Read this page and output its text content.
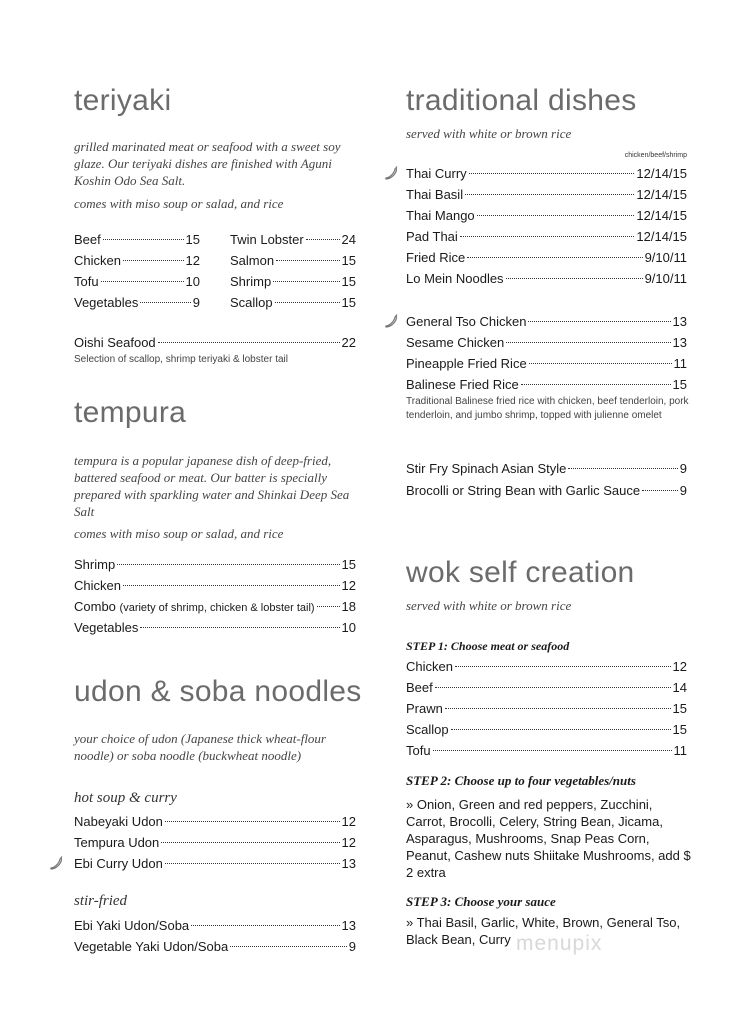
teriyaki

grilled marinated meat or seafood with a sweet soy glaze. Our teriyaki dishes are finished with Aguni Koshin Odo Sea Salt.

comes with miso soup or salad, and rice

Beef	15
Chicken	12
Tofu	10
Vegetables	9
Twin Lobster	24
Salmon	15
Shrimp	15
Scallop	15
Oishi Seafood	22

Selection of scallop, shrimp teriyaki & lobster tail

tempura

tempura is a popular japanese dish of deep-fried, battered seafood or meat. Our batter is specially prepared with sparkling water and Shinkai Deep Sea Salt

comes with miso soup or salad, and rice

Shrimp	15
Chicken	12
Combo (variety of shrimp, chicken & lobster tail) 18
Vegetables	10
udon & soba noodles

your choice of udon (Japanese thick wheat-flour noodle) or soba noodle (buckwheat noodle)

hot soup & curry

Nabeyaki Udon	12
Tempura Udon	12
Ebi Curry Udon	13

stir-fried

Ebi Yaki Udon/Soba	13
Vegetable Yaki Udon/Soba	9
traditional dishes

served with white or brown rice

chicken/beef/shrimp
Thai Curry	12/14/15
Thai Basil	12/14/15
Thai Mango	12/14/15
Pad Thai	12/14/15
Fried Rice	9/10/11
Lo Mein Noodles	9/10/11
General Tso Chicken	13
Sesame Chicken	13
Pineapple Fried Rice	11
Balinese Fried Rice	15

Traditional Balinese fried rice with chicken, beef tenderloin, pork tenderloin, and jumbo shrimp, topped with julienne omelet

Stir Fry Spinach Asian Style	9
Brocolli or String Bean with Garlic Sauce	9
wok self creation

served with white or brown rice

STEP 1: Choose meat or seafood

Chicken	12
Beef	14
Prawn	15
Scallop	15
Tofu	11

STEP 2: Choose up to four vegetables/nuts

» Onion, Green and red peppers, Zucchini, Carrot, Brocolli, Celery, String Bean, Jicama, Asparagus, Mushrooms, Snap Peas Corn, Peanut, Cashew nuts Shiitake Mushrooms, add $ 2 extra

STEP 3: Choose your sauce

» Thai Basil, Garlic, White, Brown, General Tso, Black Bean, Curry menupix
